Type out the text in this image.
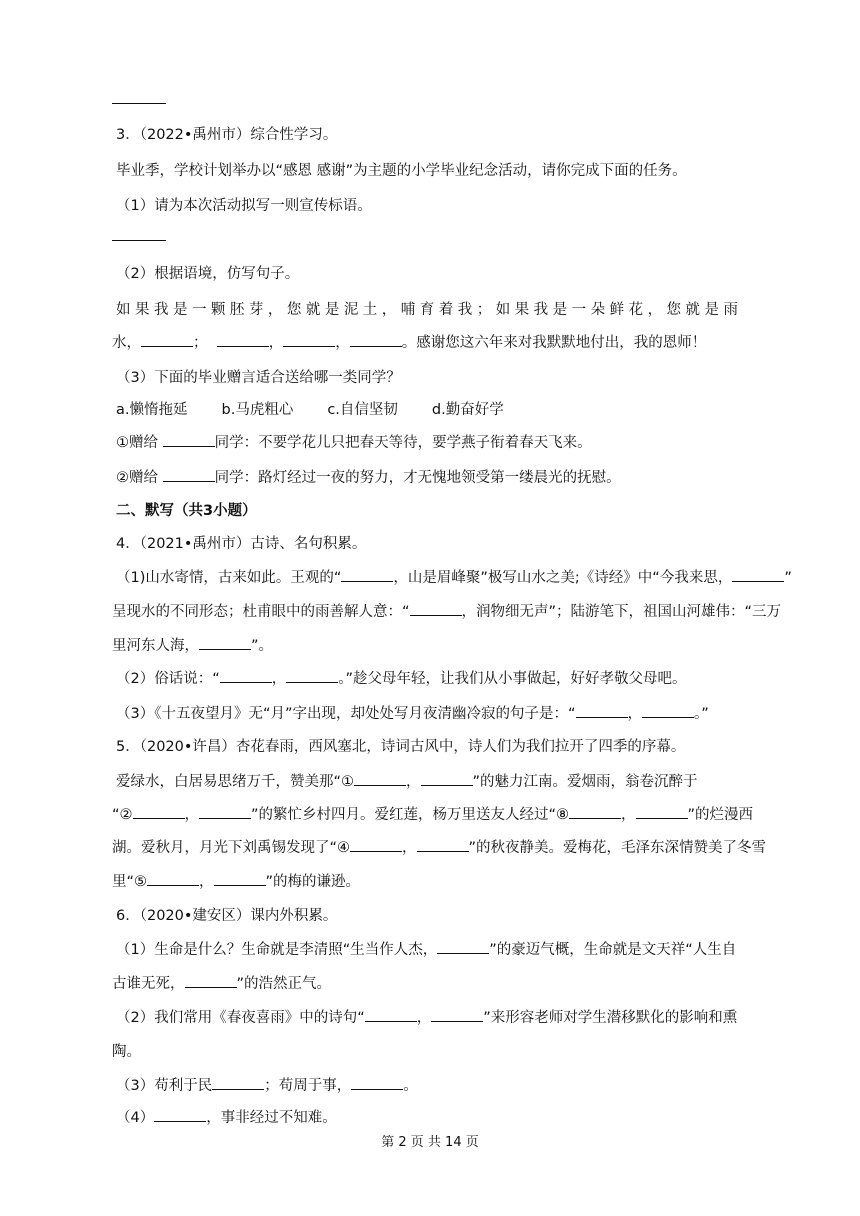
3．（2022•禹州市）综合性学习。
毕业季，学校计划举办以“感恩 感谢”为主题的小学毕业纪念活动，请你完成下面的任务。
（1）请为本次活动拟写一则宣传标语。
（2）根据语境，仿写句子。
如 果 我 是 一 颗 胚 芽 ， 您 就 是 泥 土 ， 哺 育 着 我 ； 如 果 我 是 一 朵 鲜 花 ， 您 就 是 雨
水，	；	，	，	。感谢您这六年来对我默默地付出，我的恩师！
（3）下面的毕业赠言适合送给哪一类同学？
a.懒惰拖延 b.马虎粗心 c.自信坚韧 d.勤奋好学
①赠给	同学：不要学花儿只把春天等待，要学燕子衔着春天飞来。
②赠给	同学：路灯经过一夜的努力，才无愧地领受第一缕晨光的抚慰。
二、默写（共3小题）
4．（2021•禹州市）古诗、名句积累。
（1)山水寄情，古来如此。王观的“	，山是眉峰聚”极写山水之美;《诗经》中“今我来思，	”
呈现水的不同形态；杜甫眼中的雨善解人意：“	，润物细无声”；陆游笔下，祖国山河雄伟：“三万
里河东人海，	”。
（2）俗话说：“	，	。”趁父母年轻，让我们从小事做起，好好孝敬父母吧。
（3）《十五夜望月》无“月”字出现，却处处写月夜清幽冷寂的句子是：“	，	。”
5．（2020•许昌）杏花春雨，西风塞北，诗词古风中，诗人们为我们拉开了四季的序幕。
爱绿水，白居易思绪万千，赞美那“①	，	”的魅力江南。爱烟雨，翁卷沉醉于
“②	，	”的繁忙乡村四月。爱红莲，杨万里送友人经过“⑧	，	”的烂漫西
湖。爱秋月，月光下刘禹锡发现了“④	，	”的秋夜静美。爱梅花，毛泽东深情赞美了冬雪
里“⑤	，	”的梅的谦逊。
6．（2020•建安区）课内外积累。
（1）生命是什么？生命就是李清照“生当作人杰，	”的豪迈气概，生命就是文天祥“人生自
古谁无死，	”的浩然正气。
（2）我们常用《春夜喜雨》中的诗句“	，	”来形容老师对学生潜移默化的影响和熏
陶。
（3）苟利于民	；苟周于事，	。
（4）	，事非经过不知难。
第 2 页 共 14 页
